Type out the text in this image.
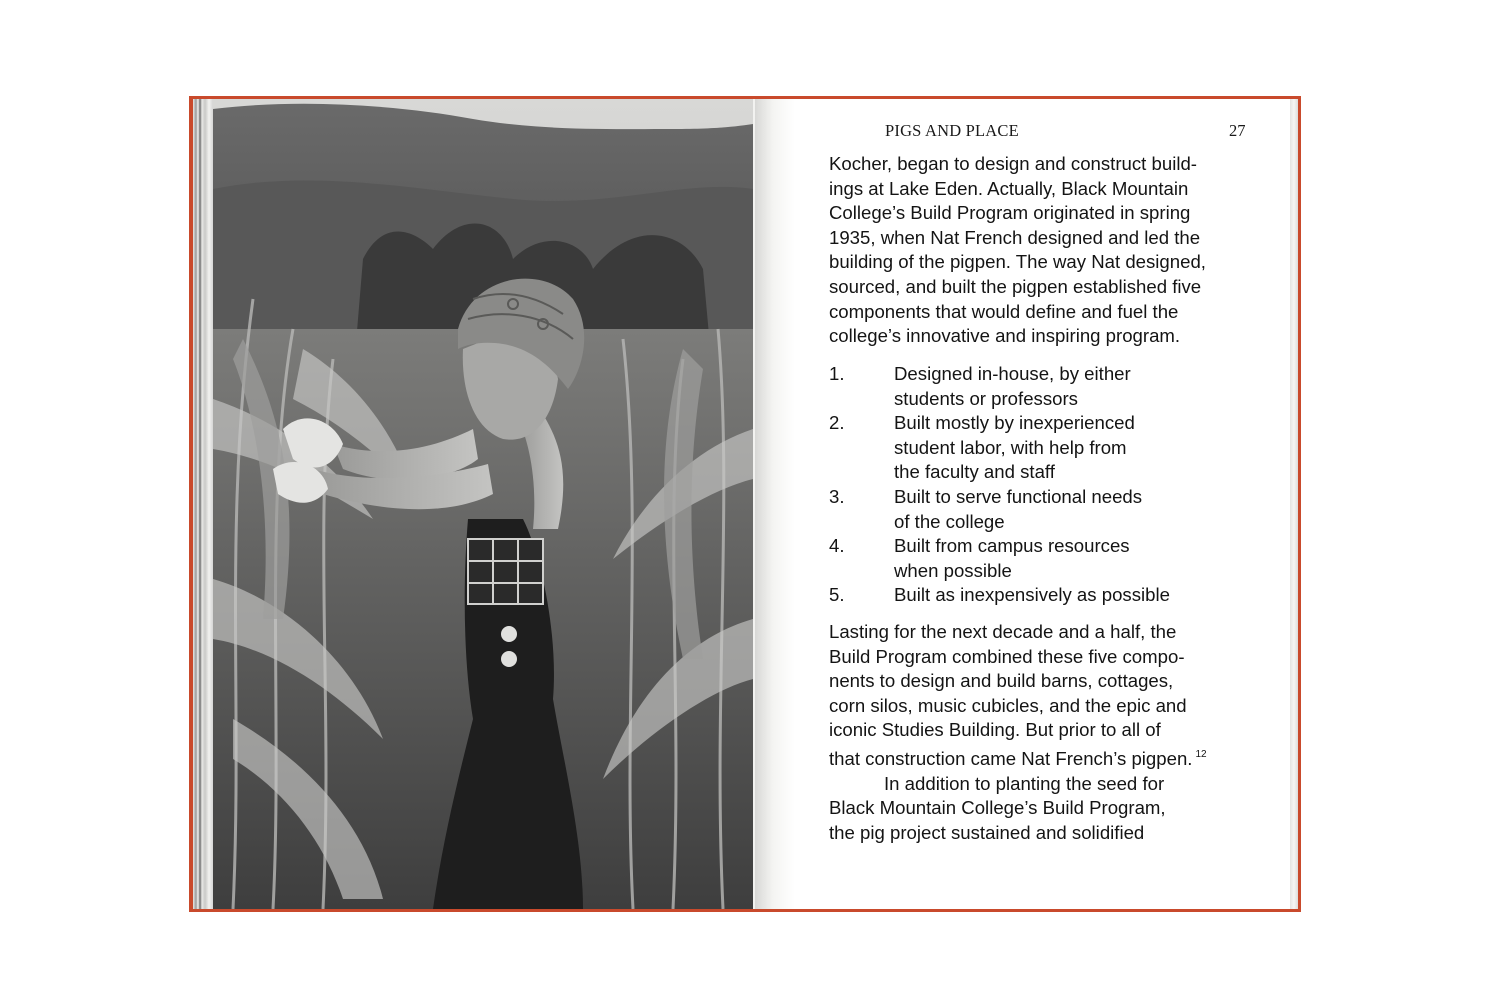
PIGS AND PLACE	27
Kocher, began to design and construct build-
ings at Lake Eden. Actually, Black Mountain
College’s Build Program originated in spring
1935, when Nat French designed and led the
building of the pigpen. The way Nat designed,
sourced, and built the pigpen established five
components that would define and fuel the
college’s innovative and inspiring program.
1.	Designed in-house, by either
students or professors
2.	Built mostly by inexperienced
student labor, with help from
the faculty and staff
3.	Built to serve functional needs
of the college
4.	Built from campus resources
when possible
5.	Built as inexpensively as possible
Lasting for the next decade and a half, the
Build Program combined these five compo-
nents to design and build barns, cottages,
corn silos, music cubicles, and the epic and
iconic Studies Building. But prior to all of
that construction came Nat French’s pigpen. $^{12}$
In addition to planting the seed for
Black Mountain College’s Build Program,
the pig project sustained and solidified
